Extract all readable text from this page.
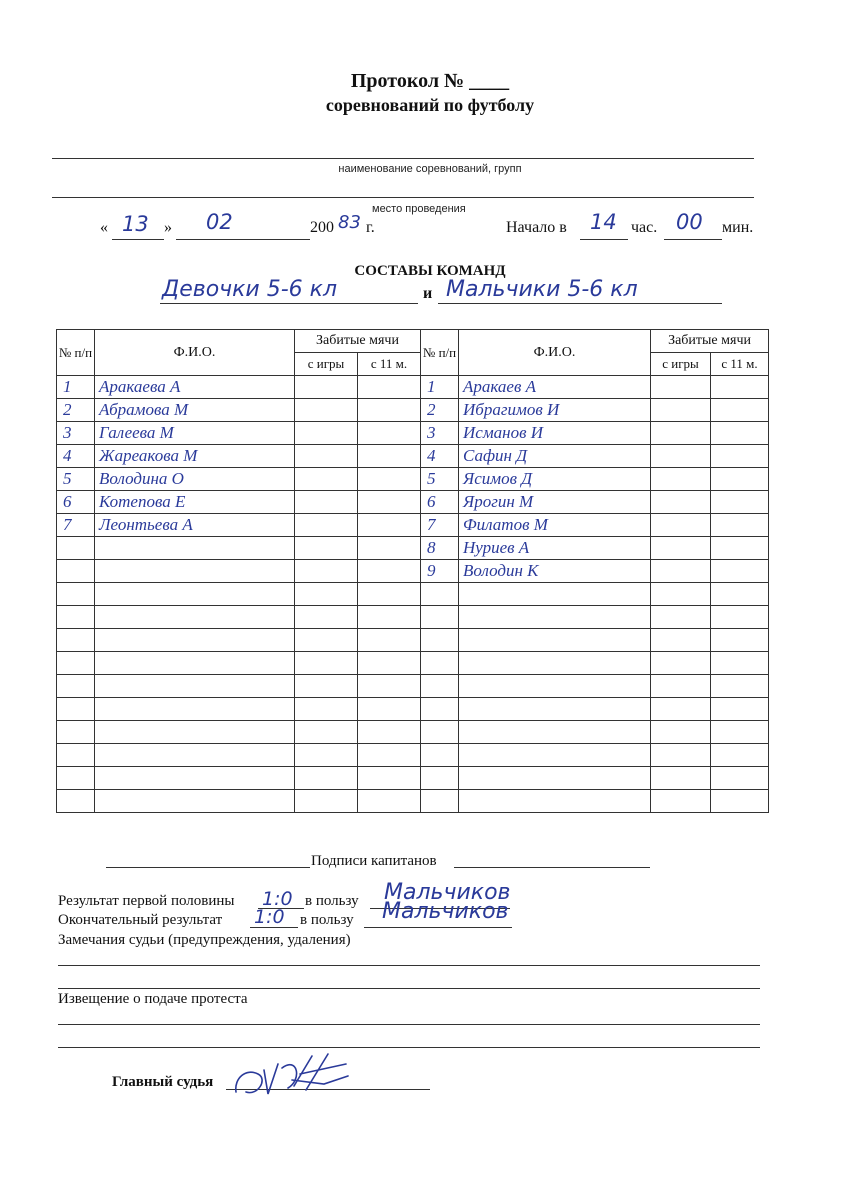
Протокол № ____
соревнований по футболу
наименование соревнований, групп
место проведения
« 13 » 02	200 83 г.	Начало в 14 час. 00 мин.
СОСТАВЫ КОМАНД
Девочки 5-6 кл	и Мальчики 5-6 кл
№ п/п	Ф.И.О.	Забитые мячи		№ п/п	Ф.И.О.	Забитые мячи	
		с игры	с 11 м.			с игры	с 11 м.
1	Аракаева А			1	Аракаев А		
2	Абрамова М			2	Ибрагимов И		
3	Галеева М			3	Исманов И		
4	Жареакова М			4	Сафин Д		
5	Володина О			5	Ясимов Д		
6	Котепова Е			6	Ярогин М		
7	Леонтьева А			7	Филатов М		
				8	Нуриев А		
				9	Володин К		

Подписи капитанов
Результат первой половины 1:0 в пользу Мальчиков
Окончательный результат 1:0 в пользу Мальчиков
Замечания судьи (предупреждения, удаления)
Извещение о подаче протеста
Главный судья
